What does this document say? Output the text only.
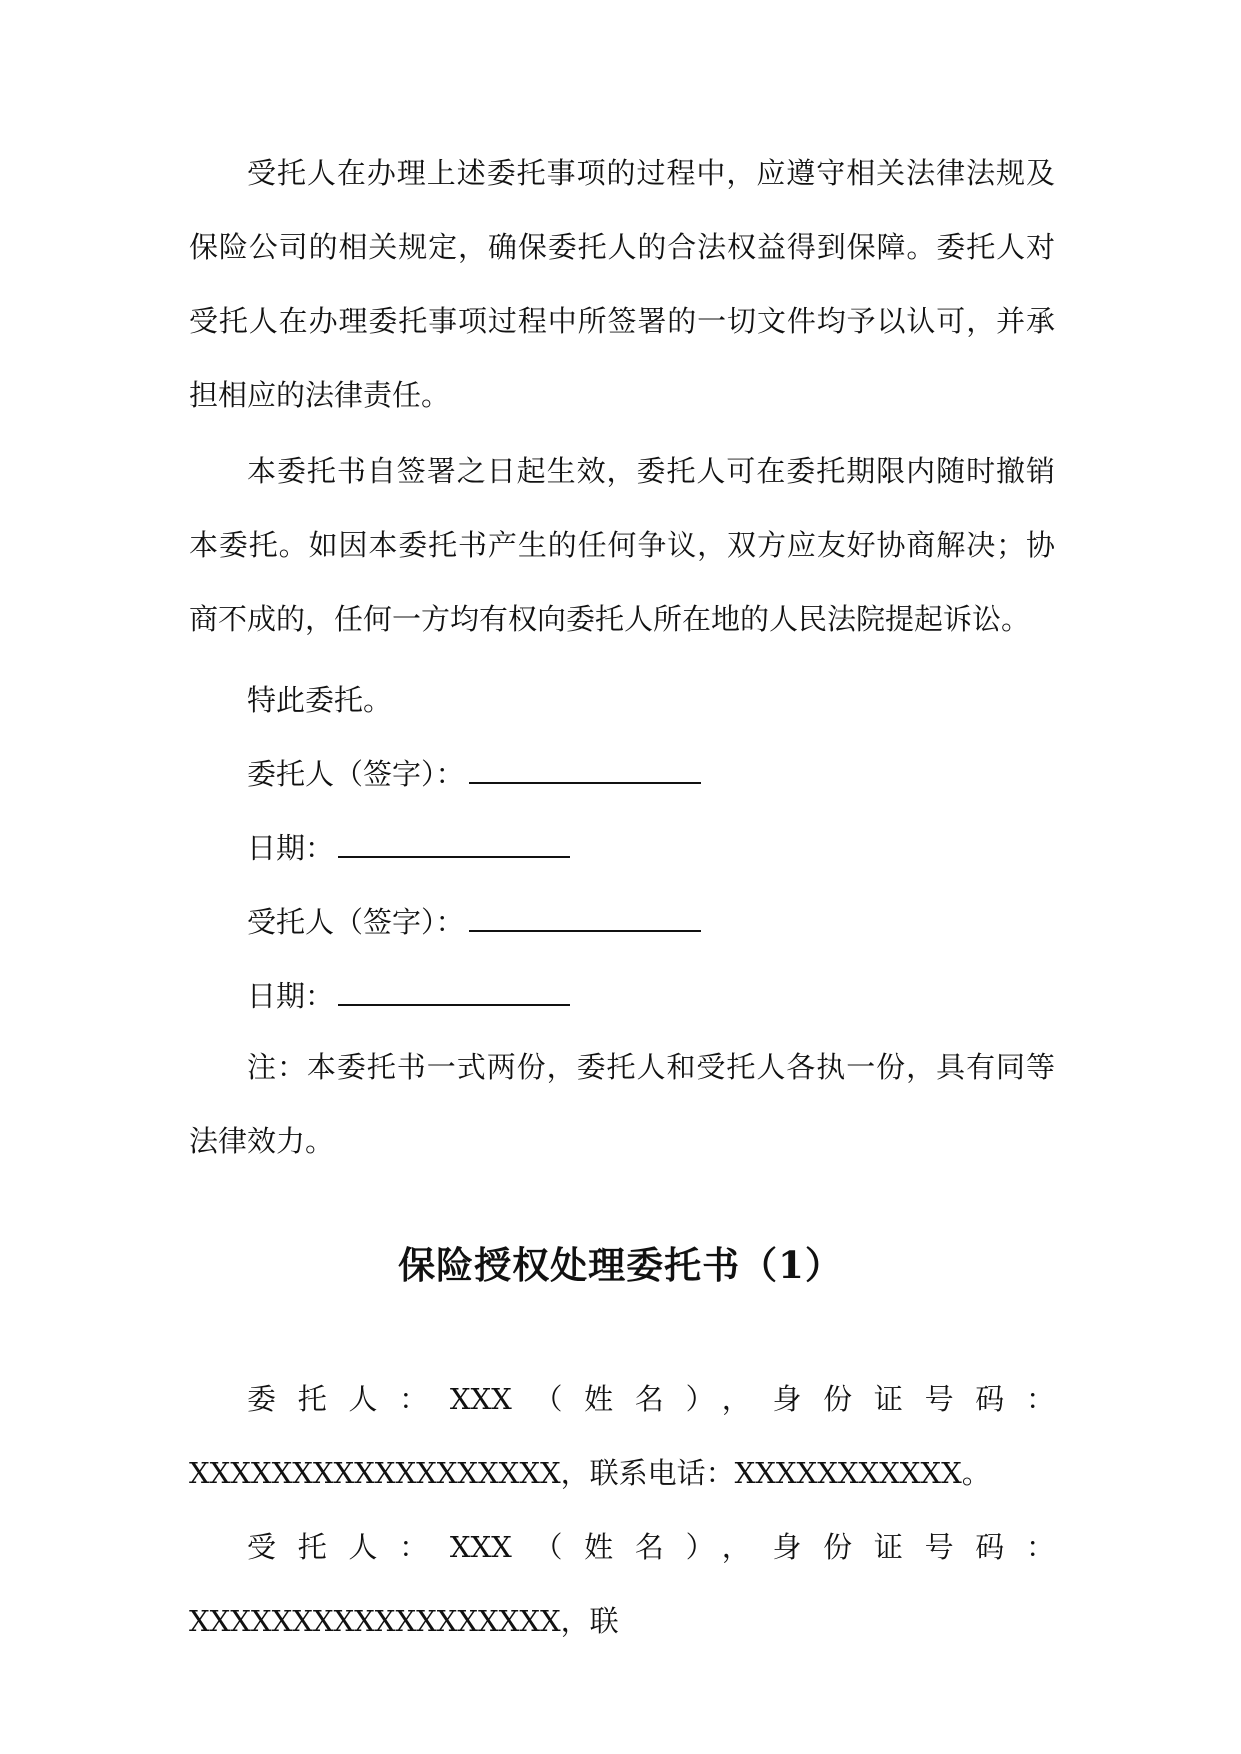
受托人在办理上述委托事项的过程中，应遵守相关法律法规及保险公司的相关规定，确保委托人的合法权益得到保障。委托人对受托人在办理委托事项过程中所签署的一切文件均予以认可，并承担相应的法律责任。

本委托书自签署之日起生效，委托人可在委托期限内随时撤销本委托。如因本委托书产生的任何争议，双方应友好协商解决；协商不成的，任何一方均有权向委托人所在地的人民法院提起诉讼。

特此委托。

委托人（签字）：

日期：

受托人（签字）：

日期：

注：本委托书一式两份，委托人和受托人各执一份，具有同等法律效力。

保险授权处理委托书（1）

委托人：XXX（姓名），身份证号码：XXXXXXXXXXXXXXXXXX，联系电话：XXXXXXXXXXX。

受托人：XXX（姓名），身份证号码：XXXXXXXXXXXXXXXXXX，联
